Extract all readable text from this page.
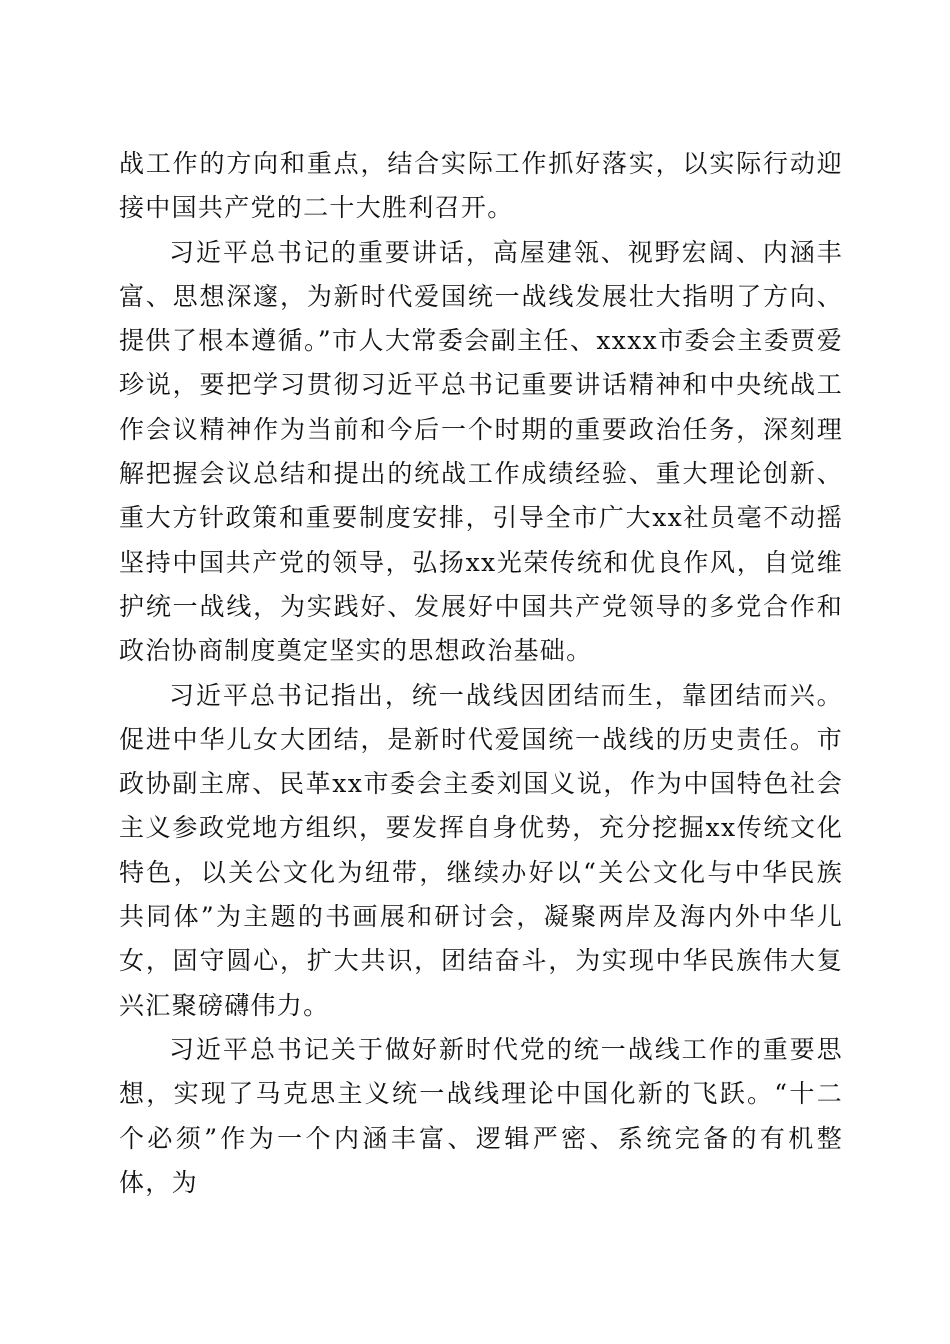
战工作的方向和重点，结合实际工作抓好落实，以实际行动迎接中国共产党的二十大胜利召开。

习近平总书记的重要讲话，高屋建瓴、视野宏阔、内涵丰富、思想深邃，为新时代爱国统一战线发展壮大指明了方向、提供了根本遵循。”市人大常委会副主任、xxxx市委会主委贾爱珍说，要把学习贯彻习近平总书记重要讲话精神和中央统战工作会议精神作为当前和今后一个时期的重要政治任务，深刻理解把握会议总结和提出的统战工作成绩经验、重大理论创新、重大方针政策和重要制度安排，引导全市广大xx社员毫不动摇坚持中国共产党的领导，弘扬xx光荣传统和优良作风，自觉维护统一战线，为实践好、发展好中国共产党领导的多党合作和政治协商制度奠定坚实的思想政治基础。

习近平总书记指出，统一战线因团结而生，靠团结而兴。促进中华儿女大团结，是新时代爱国统一战线的历史责任。市政协副主席、民革xx市委会主委刘国义说，作为中国特色社会主义参政党地方组织，要发挥自身优势，充分挖掘xx传统文化特色，以关公文化为纽带，继续办好以“关公文化与中华民族共同体”为主题的书画展和研讨会，凝聚两岸及海内外中华儿女，固守圆心，扩大共识，团结奋斗，为实现中华民族伟大复兴汇聚磅礴伟力。

习近平总书记关于做好新时代党的统一战线工作的重要思想，实现了马克思主义统一战线理论中国化新的飞跃。“十二个必须”作为一个内涵丰富、逻辑严密、系统完备的有机整体，为
